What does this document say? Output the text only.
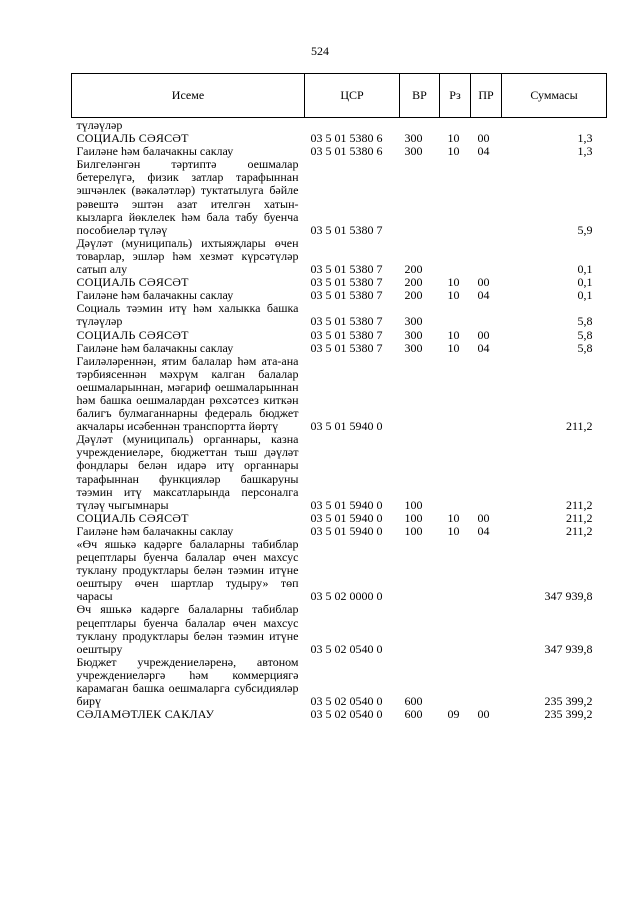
524
Исеме	ЦСР	ВР	Рз	ПР	Суммасы
түләүләр					
СОЦИАЛЬ СӘЯСӘТ	03 5 01 5380 6	300	10	00	1,3
Гаиләне һәм балачакны саклау	03 5 01 5380 6	300	10	04	1,3
Билгеләнгән тәртиптә оешмалар бетерелүгә, физик затлар тарафыннан эшчәнлек (вәкаләтләр) туктатылуга бәйле рәвештә эштән азат ителгән хатын-кызларга йөклелек һәм бала табу буенча пособиеләр түләү	03 5 01 5380 7				5,9
Дәүләт (муниципаль) ихтыяҗлары өчен товарлар, эшләр һәм хезмәт күрсәтүләр сатып алу	03 5 01 5380 7	200			0,1
СОЦИАЛЬ СӘЯСӘТ	03 5 01 5380 7	200	10	00	0,1
Гаиләне һәм балачакны саклау	03 5 01 5380 7	200	10	04	0,1
Социаль тәэмин итү һәм халыкка башка түләүләр	03 5 01 5380 7	300			5,8
СОЦИАЛЬ СӘЯСӘТ	03 5 01 5380 7	300	10	00	5,8
Гаиләне һәм балачакны саклау	03 5 01 5380 7	300	10	04	5,8
Гаиләләреннән, ятим балалар һәм ата-ана тәрбиясеннән мәхрүм калган балалар оешмаларыннан, мәгариф оешмаларыннан һәм башка оешмалардан рөхсәтсез киткән балигъ булмаганнарны федераль бюджет акчалары исәбеннән транспортта йөртү	03 5 01 5940 0				211,2
Дәүләт (муниципаль) органнары, казна учреждениеләре, бюджеттан тыш дәүләт фондлары белән идарә итү органнары тарафыннан функцияләр башкаруны тәэмин итү максатларында персоналга түләү чыгымнары	03 5 01 5940 0	100			211,2
СОЦИАЛЬ СӘЯСӘТ	03 5 01 5940 0	100	10	00	211,2
Гаиләне һәм балачакны саклау	03 5 01 5940 0	100	10	04	211,2
«Өч яшькә кадәрге балаларны табиблар рецептлары буенча балалар өчен махсус туклану продуктлары белән тәэмин итүне оештыру өчен шартлар тудыру» төп чарасы	03 5 02 0000 0				347 939,8
Өч яшькә кадәрге балаларны табиблар рецептлары буенча балалар өчен махсус туклану продуктлары белән тәэмин итүне оештыру	03 5 02 0540 0				347 939,8
Бюджет учреждениеләренә, автоном учреждениеләргә һәм коммерциягә карамаган башка оешмаларга субсидияләр бирү	03 5 02 0540 0	600			235 399,2
СӘЛАМӘТЛЕК САКЛАУ	03 5 02 0540 0	600	09	00	235 399,2
